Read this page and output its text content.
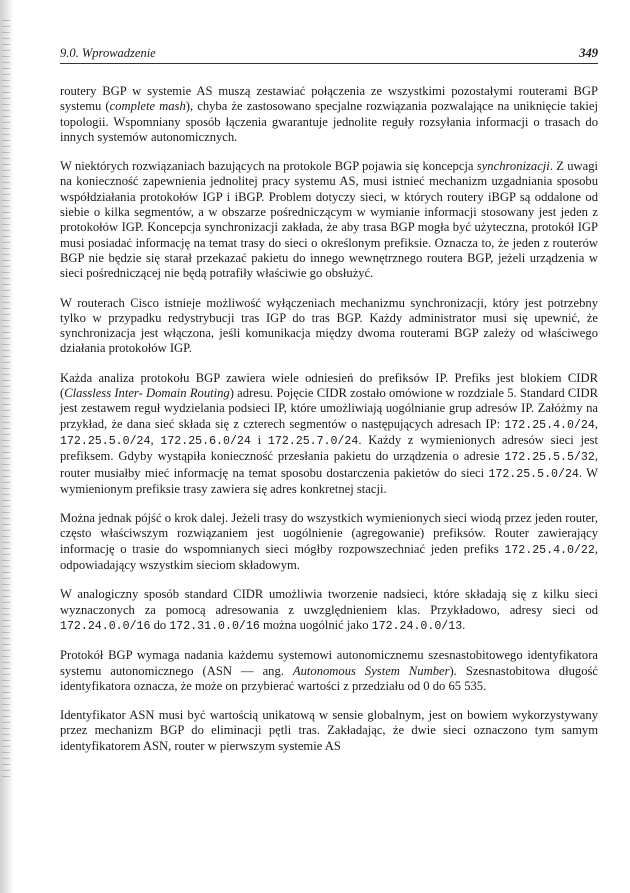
9.0. Wprowadzenie	349

routery BGP w systemie AS muszą zestawiać połączenia ze wszystkimi pozostałymi routerami BGP systemu (complete mash), chyba że zastosowano specjalne rozwiązania pozwalające na uniknięcie takiej topologii. Wspomniany sposób łączenia gwarantuje jednolite reguły rozsyłania informacji o trasach do innych systemów autonomicznych.

W niektórych rozwiązaniach bazujących na protokole BGP pojawia się koncepcja synchronizacji. Z uwagi na konieczność zapewnienia jednolitej pracy systemu AS, musi istnieć mechanizm uzgadniania sposobu współdziałania protokołów IGP i iBGP. Problem dotyczy sieci, w których routery iBGP są oddalone od siebie o kilka segmentów, a w obszarze pośredniczącym w wymianie informacji stosowany jest jeden z protokołów IGP. Koncepcja synchronizacji zakłada, że aby trasa BGP mogła być użyteczna, protokół IGP musi posiadać informację na temat trasy do sieci o określonym prefiksie. Oznacza to, że jeden z routerów BGP nie będzie się starał przekazać pakietu do innego wewnętrznego routera BGP, jeżeli urządzenia w sieci pośredniczącej nie będą potrafiły właściwie go obsłużyć.

W routerach Cisco istnieje możliwość wyłączeniach mechanizmu synchronizacji, który jest potrzebny tylko w przypadku redystrybucji tras IGP do tras BGP. Każdy administrator musi się upewnić, że synchronizacja jest włączona, jeśli komunikacja między dwoma routerami BGP zależy od właściwego działania protokołów IGP.

Każda analiza protokołu BGP zawiera wiele odniesień do prefiksów IP. Prefiks jest blokiem CIDR (Classless Inter- Domain Routing) adresu. Pojęcie CIDR zostało omówione w rozdziale 5. Standard CIDR jest zestawem reguł wydzielania podsieci IP, które umożliwiają uogólnianie grup adresów IP. Załóżmy na przykład, że dana sieć składa się z czterech segmentów o następujących adresach IP: 172.25.4.0/24, 172.25.5.0/24, 172.25.6.0/24 i 172.25.7.0/24. Każdy z wymienionych adresów sieci jest prefiksem. Gdyby wystąpiła konieczność przesłania pakietu do urządzenia o adresie 172.25.5.5/32, router musiałby mieć informację na temat sposobu dostarczenia pakietów do sieci 172.25.5.0/24. W wymienionym prefiksie trasy zawiera się adres konkretnej stacji.

Można jednak pójść o krok dalej. Jeżeli trasy do wszystkich wymienionych sieci wiodą przez jeden router, często właściwszym rozwiązaniem jest uogólnienie (agregowanie) prefiksów. Router zawierający informację o trasie do wspomnianych sieci mógłby rozpowszechniać jeden prefiks 172.25.4.0/22, odpowiadający wszystkim sieciom składowym.

W analogiczny sposób standard CIDR umożliwia tworzenie nadsieci, które składają się z kilku sieci wyznaczonych za pomocą adresowania z uwzględnieniem klas. Przykładowo, adresy sieci od 172.24.0.0/16 do 172.31.0.0/16 można uogólnić jako 172.24.0.0/13.

Protokół BGP wymaga nadania każdemu systemowi autonomicznemu szesnastobitowego identyfikatora systemu autonomicznego (ASN — ang. Autonomous System Number). Szesnastobitowa długość identyfikatora oznacza, że może on przybierać wartości z przedziału od 0 do 65 535.

Identyfikator ASN musi być wartością unikatową w sensie globalnym, jest on bowiem wykorzystywany przez mechanizm BGP do eliminacji pętli tras. Zakładając, że dwie sieci oznaczono tym samym identyfikatorem ASN, router w pierwszym systemie AS
